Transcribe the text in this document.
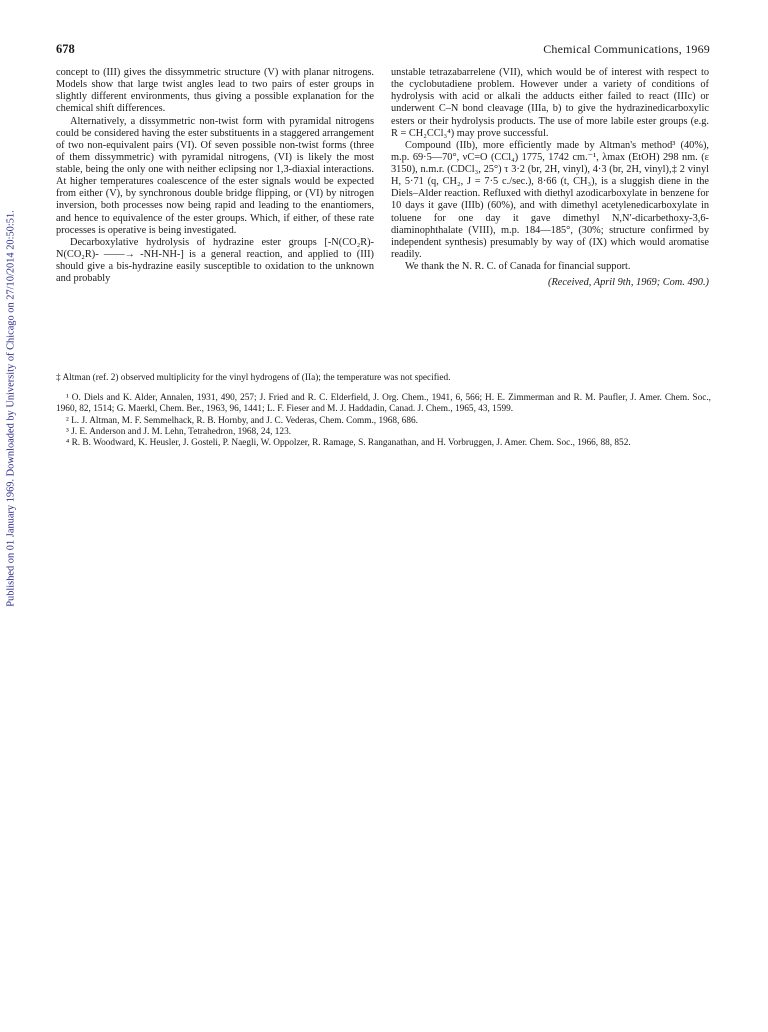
Published on 01 January 1969. Downloaded by University of Chicago on 27/10/2014 20:50:51.
678	Chemical Communications, 1969

concept to (III) gives the dissymmetric structure (V) with planar nitrogens. Models show that large twist angles lead to two pairs of ester groups in slightly different environments, thus giving a possible explanation for the chemical shift differences.

Alternatively, a dissymmetric non-twist form with pyramidal nitrogens could be considered having the ester substituents in a staggered arrangement of two non-equivalent pairs (VI). Of seven possible non-twist forms (three of them dissymmetric) with pyramidal nitrogens, (VI) is likely the most stable, being the only one with neither eclipsing nor 1,3-diaxial interactions. At higher temperatures coalescence of the ester signals would be expected from either (V), by synchronous double bridge flipping, or (VI) by nitrogen inversion, both processes now being rapid and leading to the enantiomers, and hence to equivalence of the ester groups. Which, if either, of these rate processes is operative is being investigated.

Decarboxylative hydrolysis of hydrazine ester groups [-N(CO₂R)-N(CO₂R)- ——→ -NH-NH-] is a general reaction, and applied to (III) should give a bis-hydrazine easily susceptible to oxidation to the unknown and probably

unstable tetrazabarrelene (VII), which would be of interest with respect to the cyclobutadiene problem. However under a variety of conditions of hydrolysis with acid or alkali the adducts either failed to react (IIIc) or underwent C–N bond cleavage (IIIa, b) to give the hydrazinedicarboxylic esters or their hydrolysis products. The use of more labile ester groups (e.g. R = CH₂CCl₃⁴) may prove successful.

Compound (IIb), more efficiently made by Altman's method³ (40%), m.p. 69·5—70°, νC=O (CCl₄) 1775, 1742 cm.⁻¹, λmax (EtOH) 298 nm. (ε 3150), n.m.r. (CDCl₃, 25°) τ 3·2 (br, 2H, vinyl), 4·3 (br, 2H, vinyl),‡ 2 vinyl H, 5·71 (q, CH₂, J = 7·5 c./sec.), 8·66 (t, CH₃), is a sluggish diene in the Diels–Alder reaction. Refluxed with diethyl azodicarboxylate in benzene for 10 days it gave (IIIb) (60%), and with dimethyl acetylenedicarboxylate in toluene for one day it gave dimethyl N,N′-dicarbethoxy-3,6-diaminophthalate (VIII), m.p. 184—185°, (30%; structure confirmed by independent synthesis) presumably by way of (IX) which would aromatise readily.

We thank the N. R. C. of Canada for financial support.

(Received, April 9th, 1969; Com. 490.)

‡ Altman (ref. 2) observed multiplicity for the vinyl hydrogens of (IIa); the temperature was not specified.

¹ O. Diels and K. Alder, Annalen, 1931, 490, 257; J. Fried and R. C. Elderfield, J. Org. Chem., 1941, 6, 566; H. E. Zimmerman and R. M. Paufler, J. Amer. Chem. Soc., 1960, 82, 1514; G. Maerkl, Chem. Ber., 1963, 96, 1441; L. F. Fieser and M. J. Haddadin, Canad. J. Chem., 1965, 43, 1599.

² L. J. Altman, M. F. Semmelhack, R. B. Hornby, and J. C. Vederas, Chem. Comm., 1968, 686.

³ J. E. Anderson and J. M. Lehn, Tetrahedron, 1968, 24, 123.

⁴ R. B. Woodward, K. Heusler, J. Gosteli, P. Naegli, W. Oppolzer, R. Ramage, S. Ranganathan, and H. Vorbruggen, J. Amer. Chem. Soc., 1966, 88, 852.
